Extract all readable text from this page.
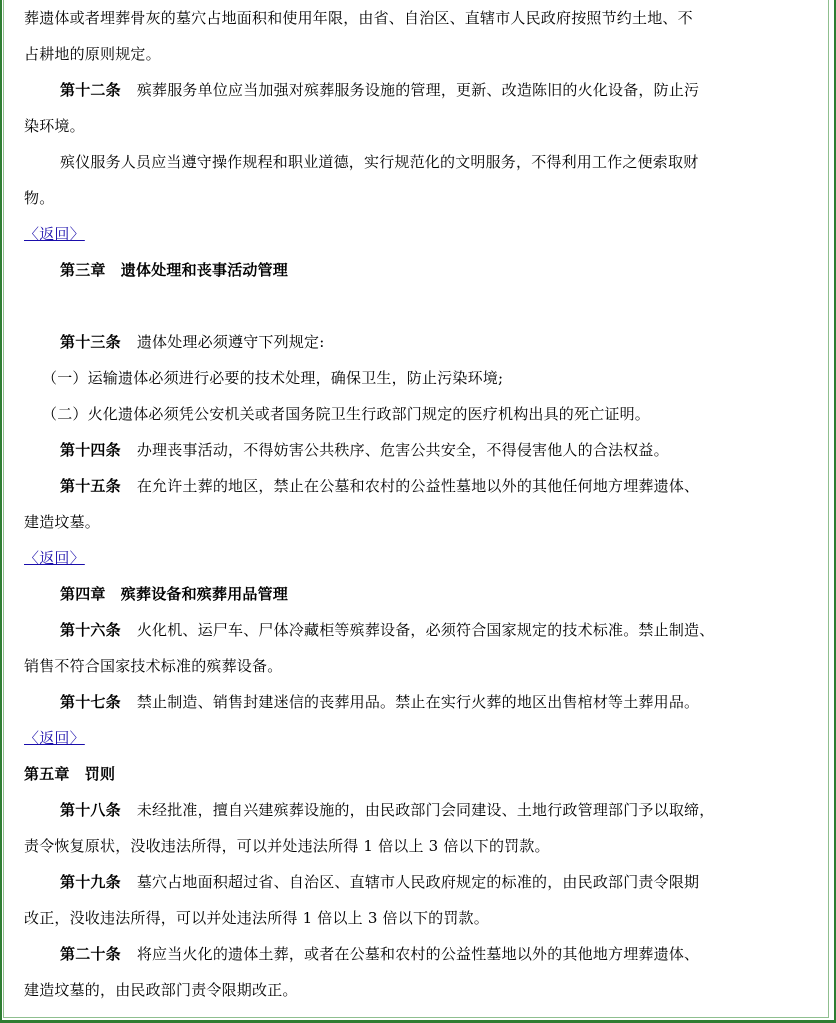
葬遗体或者埋葬骨灰的墓穴占地面积和使用年限，由省、自治区、直辖市人民政府按照节约土地、不
占耕地的原则规定。
第十二条 殡葬服务单位应当加强对殡葬服务设施的管理，更新、改造陈旧的火化设备，防止污
染环境。
殡仪服务人员应当遵守操作规程和职业道德，实行规范化的文明服务，不得利用工作之便索取财
物。
〈返回〉
第三章　遗体处理和丧事活动管理
第十三条 遗体处理必须遵守下列规定:
（一）运输遗体必须进行必要的技术处理，确保卫生，防止污染环境;
（二）火化遗体必须凭公安机关或者国务院卫生行政部门规定的医疗机构出具的死亡证明。
第十四条 办理丧事活动，不得妨害公共秩序、危害公共安全，不得侵害他人的合法权益。
第十五条 在允许土葬的地区，禁止在公墓和农村的公益性墓地以外的其他任何地方埋葬遗体、
建造坟墓。
〈返回〉
第四章　殡葬设备和殡葬用品管理
第十六条 火化机、运尸车、尸体冷藏柜等殡葬设备，必须符合国家规定的技术标准。禁止制造、
销售不符合国家技术标准的殡葬设备。
第十七条 禁止制造、销售封建迷信的丧葬用品。禁止在实行火葬的地区出售棺材等土葬用品。
〈返回〉
第五章　罚则
第十八条 未经批准，擅自兴建殡葬设施的，由民政部门会同建设、土地行政管理部门予以取缔，
责令恢复原状，没收违法所得，可以并处违法所得 1 倍以上 3 倍以下的罚款。
第十九条 墓穴占地面积超过省、自治区、直辖市人民政府规定的标准的，由民政部门责令限期
改正，没收违法所得，可以并处违法所得 1 倍以上 3 倍以下的罚款。
第二十条 将应当火化的遗体土葬，或者在公墓和农村的公益性墓地以外的其他地方埋葬遗体、
建造坟墓的，由民政部门责令限期改正。
